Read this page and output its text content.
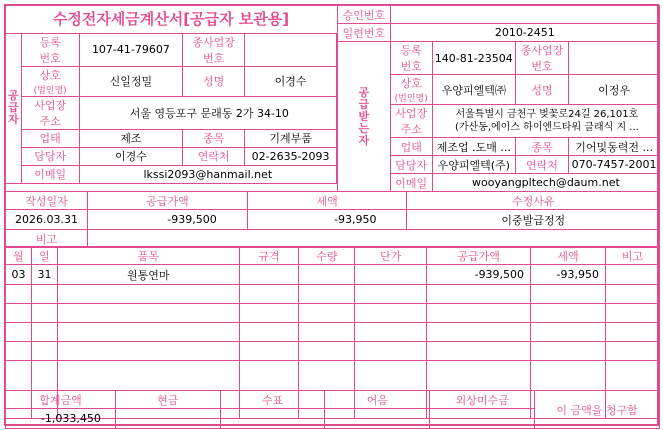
수정전자세금계산서[공급자 보관용]
공
급
자	등록
번호	107-41-79607	종사업장
번호	
상호
(법인명)	신일정밀	성명	이경수
사업장
주소	서울 영등포구 문래동 2가 34-10
업태	제조	종목	기계부품
담당자	이경수	연락처	02-2635-2093
이메일	lkssi2093@hanmail.net

승인번호	
일련번호	2010-2451
공
급
받
는
자	등록
번호	140-81-23504	종사업장
번호	
상호
(법인명)	우양피엘텍㈜	성명	이정우
사업장
주소	서울특별시 금천구 벚꽃로24길 26,101호
(가산동,에이스 하이엔드타워 클래식 지 ...
업태	제조업 .도매 ...	종목	기어및동력전 ...
담당자	우양피엘텍(주)	연락처	070-7457-2001
이메일	wooyangpltech@daum.net
작성일자	공급가액	세액	수정사유
2026.03.31	-939,500	-93,950	이중발급정정
비고			
월	일	품목	규격	수량	단가	공급가액	세액	비고
03	31	원통연마				-939,500	-93,950	

합계금액	현금	수표	어음	외상미수금	이 금액을 청구함
-1,033,450					
